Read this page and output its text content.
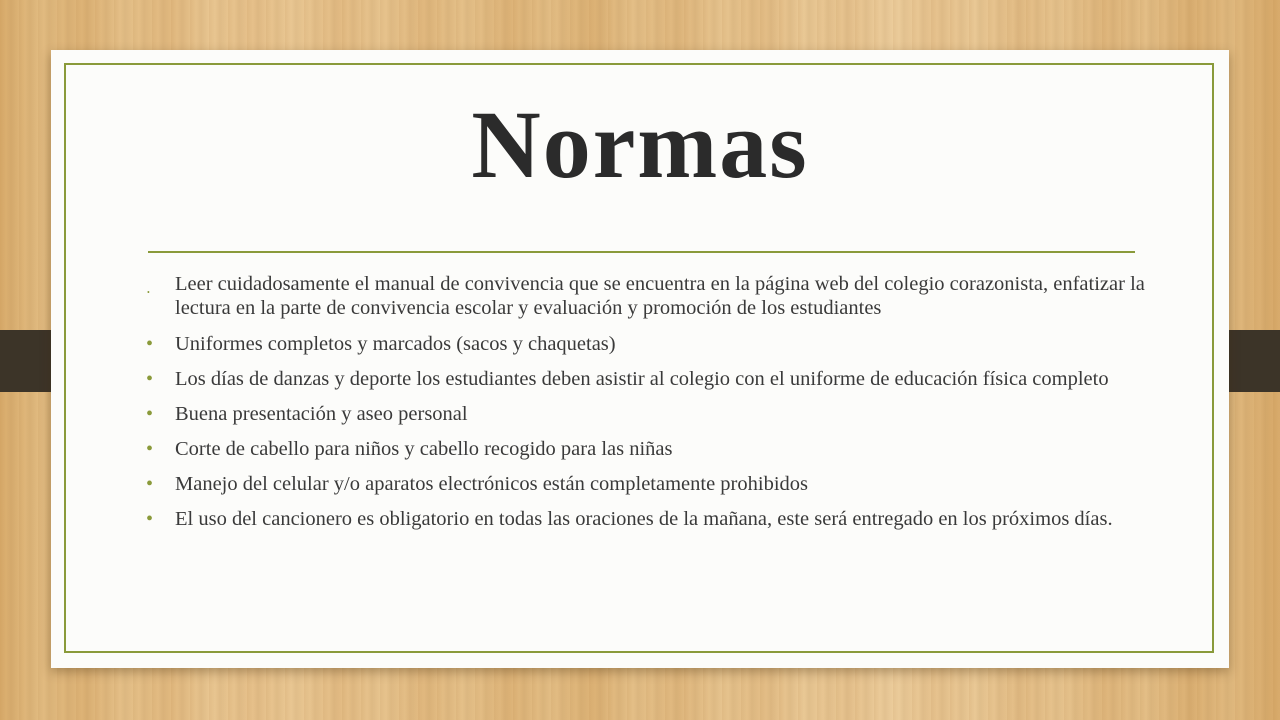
Normas
• Leer cuidadosamente el manual de convivencia que se encuentra en la página web del colegio corazonista, enfatizar la lectura en la parte de convivencia escolar y evaluación y promoción de los estudiantes
• Uniformes completos y marcados (sacos y chaquetas)
• Los días de danzas y deporte los estudiantes deben asistir al colegio con el uniforme de educación física completo
• Buena presentación y aseo personal
• Corte de cabello para niños y cabello recogido para las niñas
• Manejo del celular y/o aparatos electrónicos están completamente prohibidos
• El uso del cancionero es obligatorio en todas las oraciones de la mañana, este será entregado en los próximos días.
